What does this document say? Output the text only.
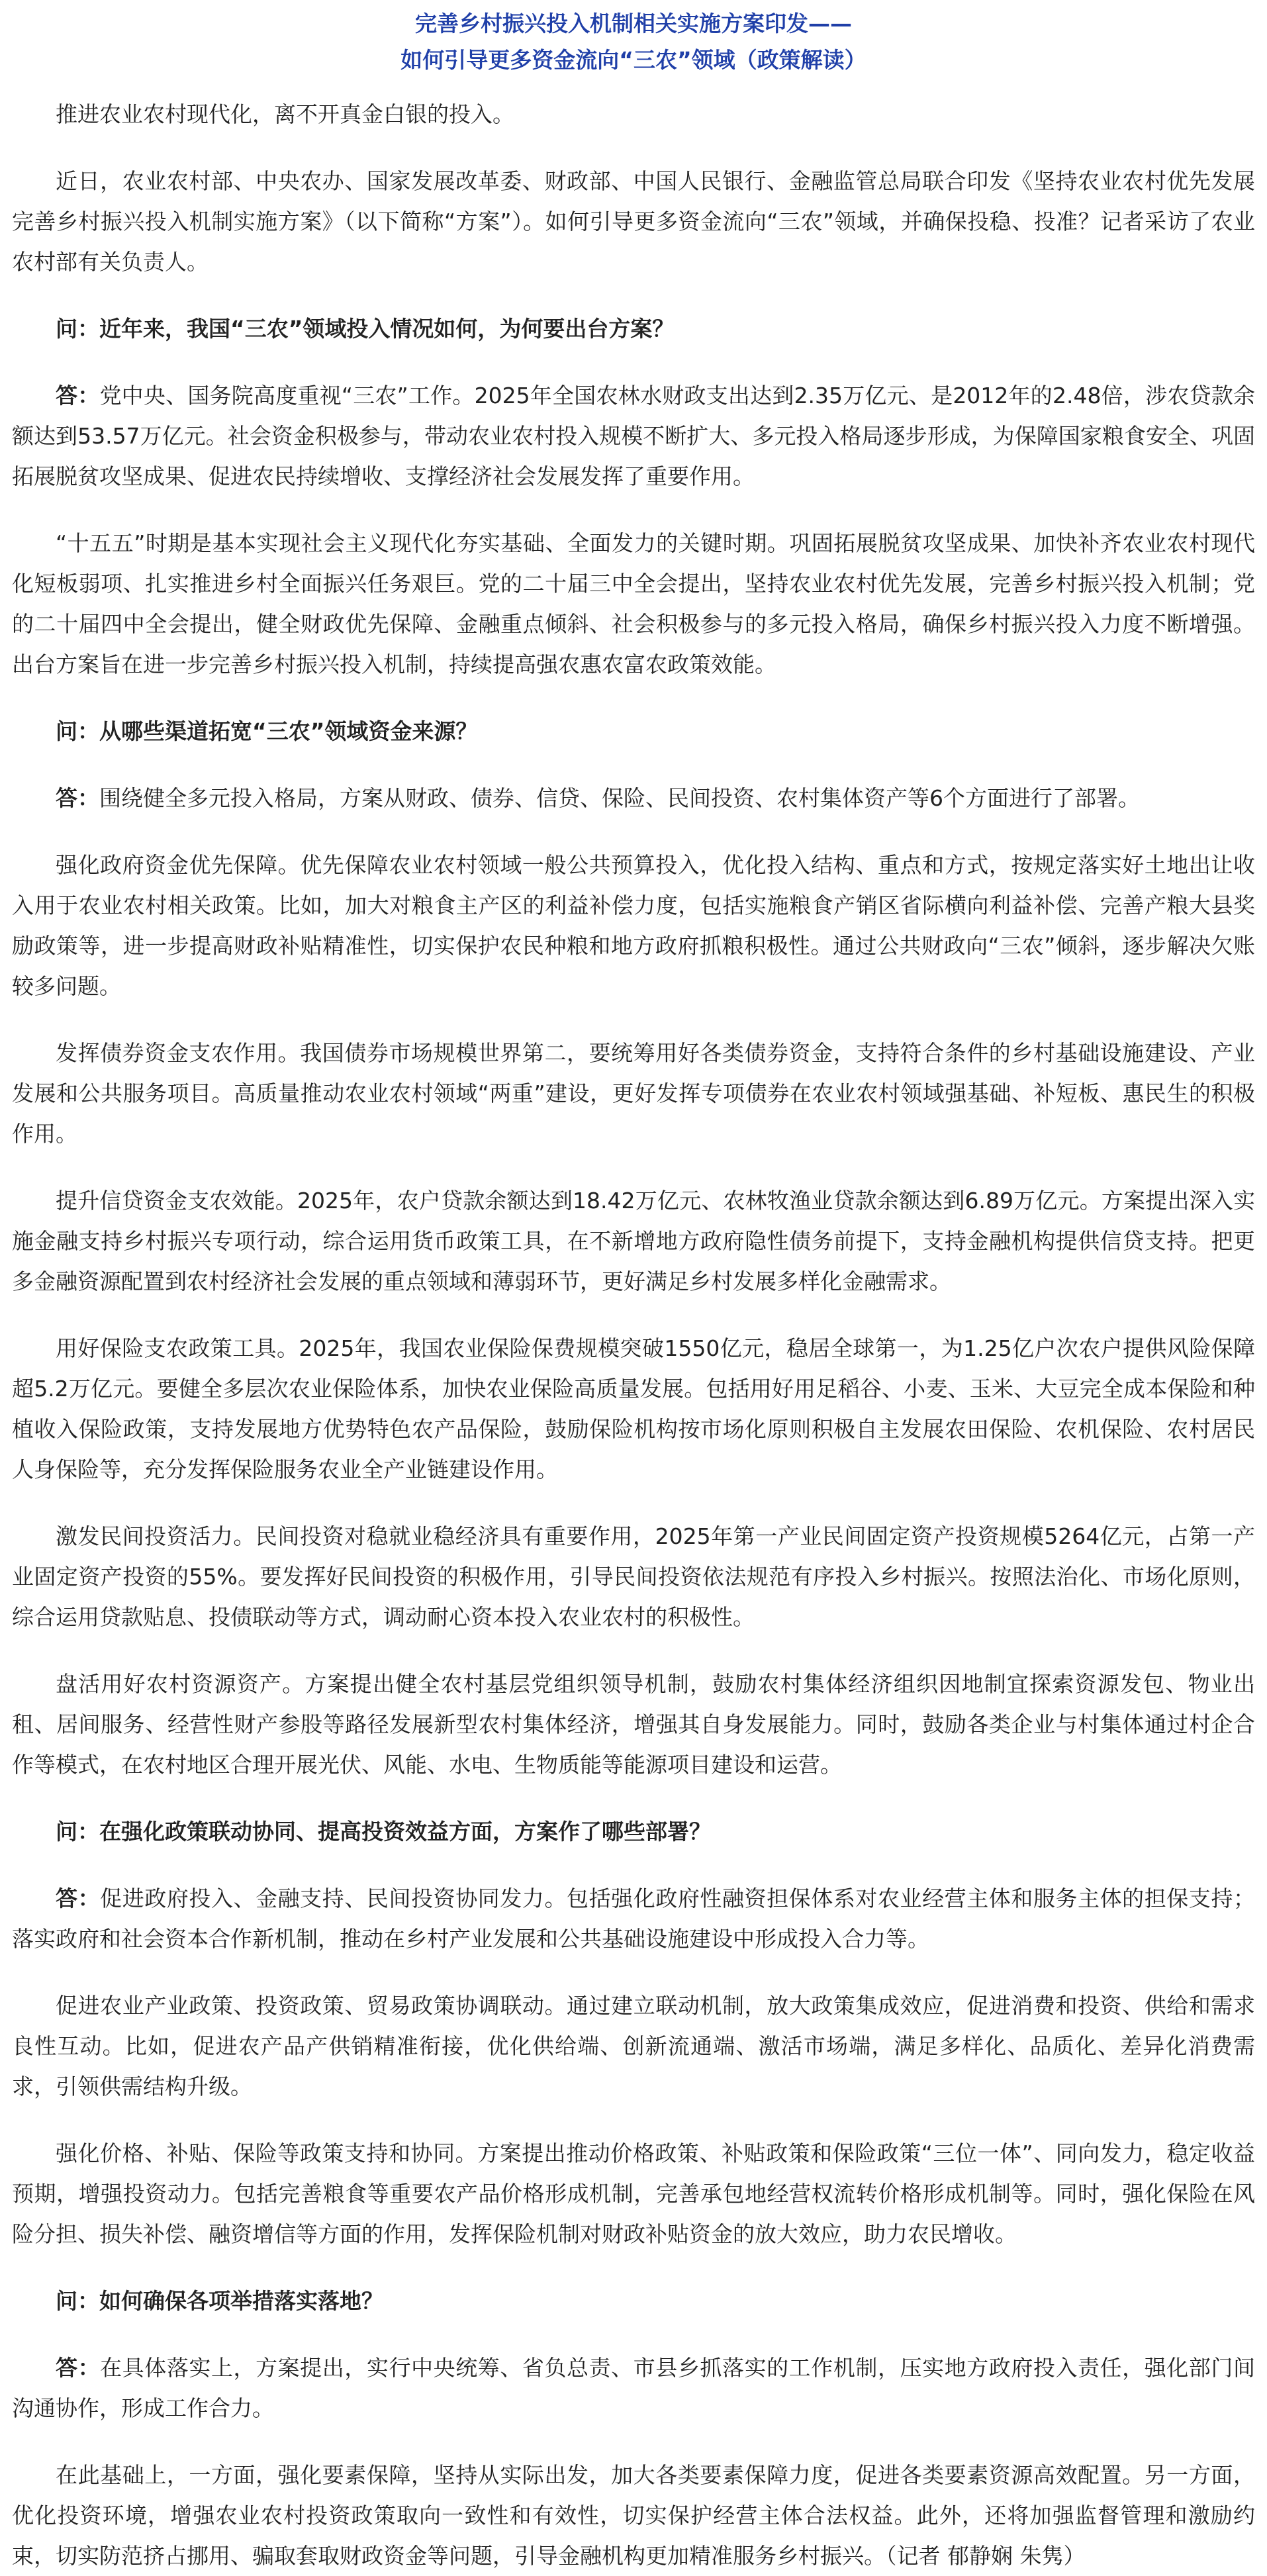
完善乡村振兴投入机制相关实施方案印发——
如何引导更多资金流向“三农”领域（政策解读）

推进农业农村现代化，离不开真金白银的投入。

近日，农业农村部、中央农办、国家发展改革委、财政部、中国人民银行、金融监管总局联合印发《坚持农业农村优先发展 完善乡村振兴投入机制实施方案》（以下简称“方案”）。如何引导更多资金流向“三农”领域，并确保投稳、投准？记者采访了农业农村部有关负责人。

问：近年来，我国“三农”领域投入情况如何，为何要出台方案？

答：党中央、国务院高度重视“三农”工作。2025年全国农林水财政支出达到2.35万亿元、是2012年的2.48倍，涉农贷款余额达到53.57万亿元。社会资金积极参与，带动农业农村投入规模不断扩大、多元投入格局逐步形成，为保障国家粮食安全、巩固拓展脱贫攻坚成果、促进农民持续增收、支撑经济社会发展发挥了重要作用。

“十五五”时期是基本实现社会主义现代化夯实基础、全面发力的关键时期。巩固拓展脱贫攻坚成果、加快补齐农业农村现代化短板弱项、扎实推进乡村全面振兴任务艰巨。党的二十届三中全会提出，坚持农业农村优先发展，完善乡村振兴投入机制；党的二十届四中全会提出，健全财政优先保障、金融重点倾斜、社会积极参与的多元投入格局，确保乡村振兴投入力度不断增强。出台方案旨在进一步完善乡村振兴投入机制，持续提高强农惠农富农政策效能。

问：从哪些渠道拓宽“三农”领域资金来源？

答：围绕健全多元投入格局，方案从财政、债券、信贷、保险、民间投资、农村集体资产等6个方面进行了部署。

强化政府资金优先保障。优先保障农业农村领域一般公共预算投入，优化投入结构、重点和方式，按规定落实好土地出让收入用于农业农村相关政策。比如，加大对粮食主产区的利益补偿力度，包括实施粮食产销区省际横向利益补偿、完善产粮大县奖励政策等，进一步提高财政补贴精准性，切实保护农民种粮和地方政府抓粮积极性。通过公共财政向“三农”倾斜，逐步解决欠账较多问题。

发挥债券资金支农作用。我国债券市场规模世界第二，要统筹用好各类债券资金，支持符合条件的乡村基础设施建设、产业发展和公共服务项目。高质量推动农业农村领域“两重”建设，更好发挥专项债券在农业农村领域强基础、补短板、惠民生的积极作用。

提升信贷资金支农效能。2025年，农户贷款余额达到18.42万亿元、农林牧渔业贷款余额达到6.89万亿元。方案提出深入实施金融支持乡村振兴专项行动，综合运用货币政策工具，在不新增地方政府隐性债务前提下，支持金融机构提供信贷支持。把更多金融资源配置到农村经济社会发展的重点领域和薄弱环节，更好满足乡村发展多样化金融需求。

用好保险支农政策工具。2025年，我国农业保险保费规模突破1550亿元，稳居全球第一，为1.25亿户次农户提供风险保障超5.2万亿元。要健全多层次农业保险体系，加快农业保险高质量发展。包括用好用足稻谷、小麦、玉米、大豆完全成本保险和种植收入保险政策，支持发展地方优势特色农产品保险，鼓励保险机构按市场化原则积极自主发展农田保险、农机保险、农村居民人身保险等，充分发挥保险服务农业全产业链建设作用。

激发民间投资活力。民间投资对稳就业稳经济具有重要作用，2025年第一产业民间固定资产投资规模5264亿元，占第一产业固定资产投资的55%。要发挥好民间投资的积极作用，引导民间投资依法规范有序投入乡村振兴。按照法治化、市场化原则，综合运用贷款贴息、投债联动等方式，调动耐心资本投入农业农村的积极性。

盘活用好农村资源资产。方案提出健全农村基层党组织领导机制，鼓励农村集体经济组织因地制宜探索资源发包、物业出租、居间服务、经营性财产参股等路径发展新型农村集体经济，增强其自身发展能力。同时，鼓励各类企业与村集体通过村企合作等模式，在农村地区合理开展光伏、风能、水电、生物质能等能源项目建设和运营。

问：在强化政策联动协同、提高投资效益方面，方案作了哪些部署？

答：促进政府投入、金融支持、民间投资协同发力。包括强化政府性融资担保体系对农业经营主体和服务主体的担保支持；落实政府和社会资本合作新机制，推动在乡村产业发展和公共基础设施建设中形成投入合力等。

促进农业产业政策、投资政策、贸易政策协调联动。通过建立联动机制，放大政策集成效应，促进消费和投资、供给和需求良性互动。比如，促进农产品产供销精准衔接，优化供给端、创新流通端、激活市场端，满足多样化、品质化、差异化消费需求，引领供需结构升级。

强化价格、补贴、保险等政策支持和协同。方案提出推动价格政策、补贴政策和保险政策“三位一体”、同向发力，稳定收益预期，增强投资动力。包括完善粮食等重要农产品价格形成机制，完善承包地经营权流转价格形成机制等。同时，强化保险在风险分担、损失补偿、融资增信等方面的作用，发挥保险机制对财政补贴资金的放大效应，助力农民增收。

问：如何确保各项举措落实落地？

答：在具体落实上，方案提出，实行中央统筹、省负总责、市县乡抓落实的工作机制，压实地方政府投入责任，强化部门间沟通协作，形成工作合力。

在此基础上，一方面，强化要素保障，坚持从实际出发，加大各类要素保障力度，促进各类要素资源高效配置。另一方面，优化投资环境，增强农业农村投资政策取向一致性和有效性，切实保护经营主体合法权益。此外，还将加强监督管理和激励约束，切实防范挤占挪用、骗取套取财政资金等问题，引导金融机构更加精准服务乡村振兴。（记者 郁静娴 朱隽）
